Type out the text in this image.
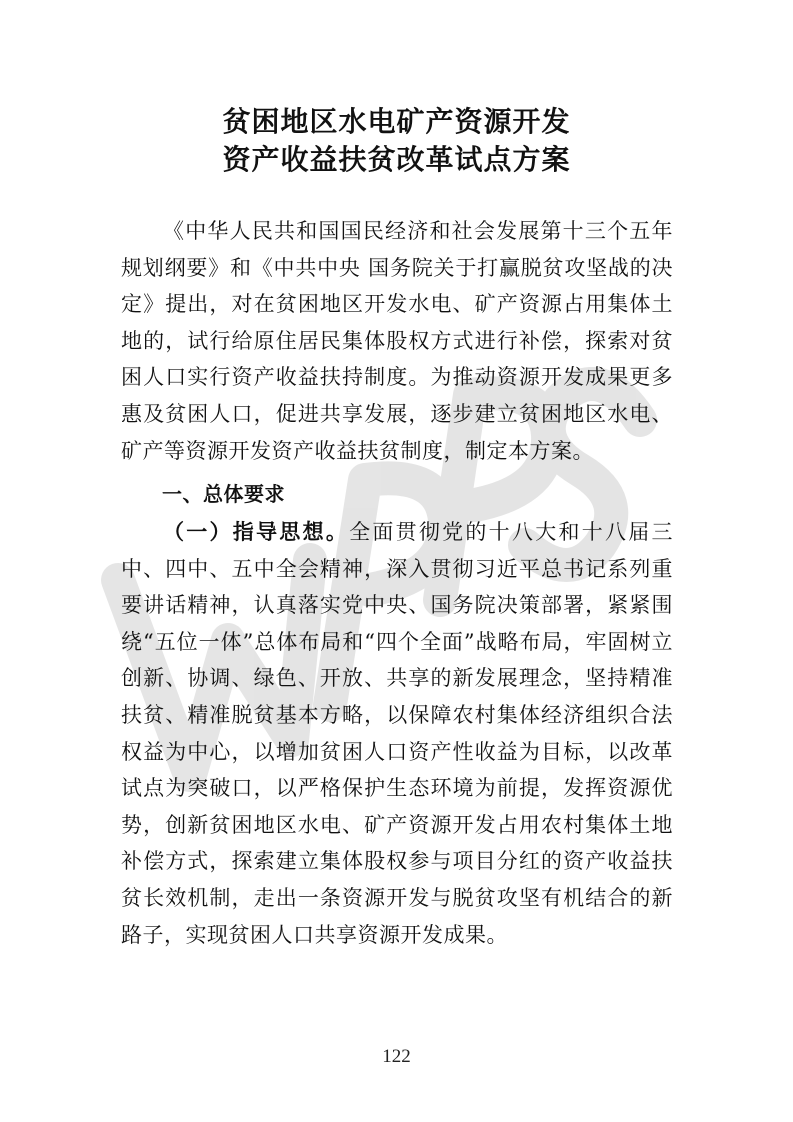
贫困地区水电矿产资源开发
资产收益扶贫改革试点方案
《中华人民共和国国民经济和社会发展第十三个五年规划纲要》和《中共中央 国务院关于打赢脱贫攻坚战的决定》提出，对在贫困地区开发水电、矿产资源占用集体土地的，试行给原住居民集体股权方式进行补偿，探索对贫困人口实行资产收益扶持制度。为推动资源开发成果更多惠及贫困人口，促进共享发展，逐步建立贫困地区水电、矿产等资源开发资产收益扶贫制度，制定本方案。
一、总体要求
（一）指导思想。全面贯彻党的十八大和十八届三中、四中、五中全会精神，深入贯彻习近平总书记系列重要讲话精神，认真落实党中央、国务院决策部署，紧紧围绕“五位一体”总体布局和“四个全面”战略布局，牢固树立创新、协调、绿色、开放、共享的新发展理念，坚持精准扶贫、精准脱贫基本方略，以保障农村集体经济组织合法权益为中心，以增加贫困人口资产性收益为目标，以改革试点为突破口，以严格保护生态环境为前提，发挥资源优势，创新贫困地区水电、矿产资源开发占用农村集体土地补偿方式，探索建立集体股权参与项目分红的资产收益扶贫长效机制，走出一条资源开发与脱贫攻坚有机结合的新路子，实现贫困人口共享资源开发成果。
122
